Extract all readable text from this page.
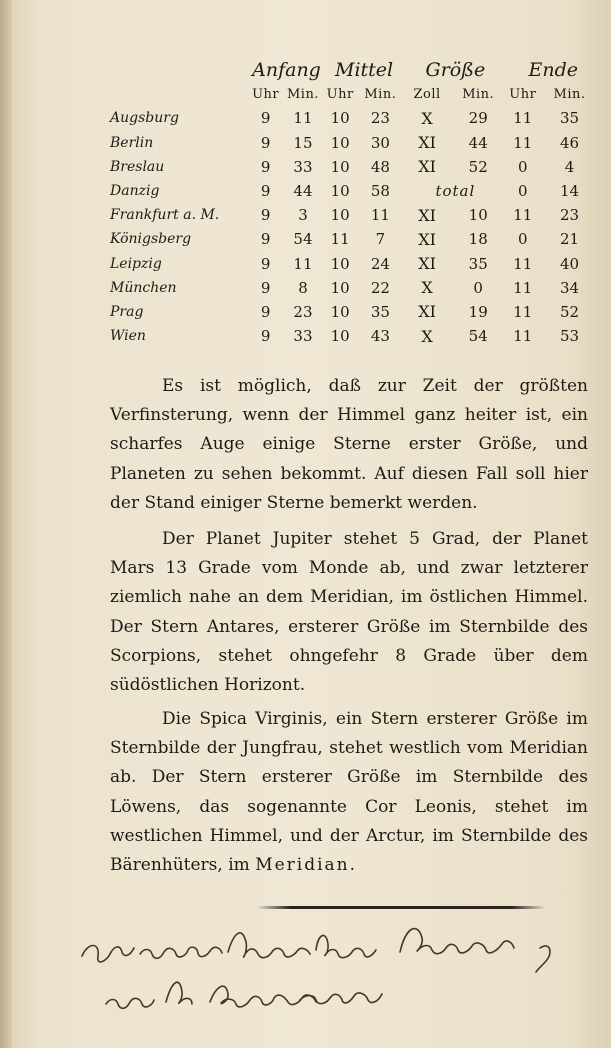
	Anfang		Mittel		Größe		Ende	
	Uhr	Min.	Uhr	Min.	Zoll	Min.	Uhr	Min.
Augsburg	9	11	10	23	X	29	11	35
Berlin	9	15	10	30	XI	44	11	46
Breslau	9	33	10	48	XI	52	0	4
Danzig	9	44	10	58	total		0	14
Frankfurt a. M.	9	3	10	11	XI	10	11	23
Königsberg	9	54	11	7	XI	18	0	21
Leipzig	9	11	10	24	XI	35	11	40
München	9	8	10	22	X	0	11	34
Prag	9	23	10	35	XI	19	11	52
Wien	9	33	10	43	X	54	11	53

Es ist möglich, daß zur Zeit der größten Verfinsterung, wenn der Himmel ganz heiter ist, ein scharfes Auge einige Sterne erster Größe, und Planeten zu sehen bekommt. Auf diesen Fall soll hier der Stand einiger Sterne bemerkt werden.

Der Planet Jupiter stehet 5 Grad, der Planet Mars 13 Grade vom Monde ab, und zwar letzterer ziemlich nahe an dem Meridian, im östlichen Himmel. Der Stern Antares, ersterer Größe im Sternbilde des Scorpions, stehet ohngefehr 8 Grade über dem südöstlichen Horizont.

Die Spica Virginis, ein Stern ersterer Größe im Sternbilde der Jungfrau, stehet westlich vom Meridian ab. Der Stern ersterer Größe im Sternbilde des Löwens, das sogenannte Cor Leonis, stehet im westlichen Himmel, und der Arctur, im Sternbilde des Bärenhüters, im Meridian.
